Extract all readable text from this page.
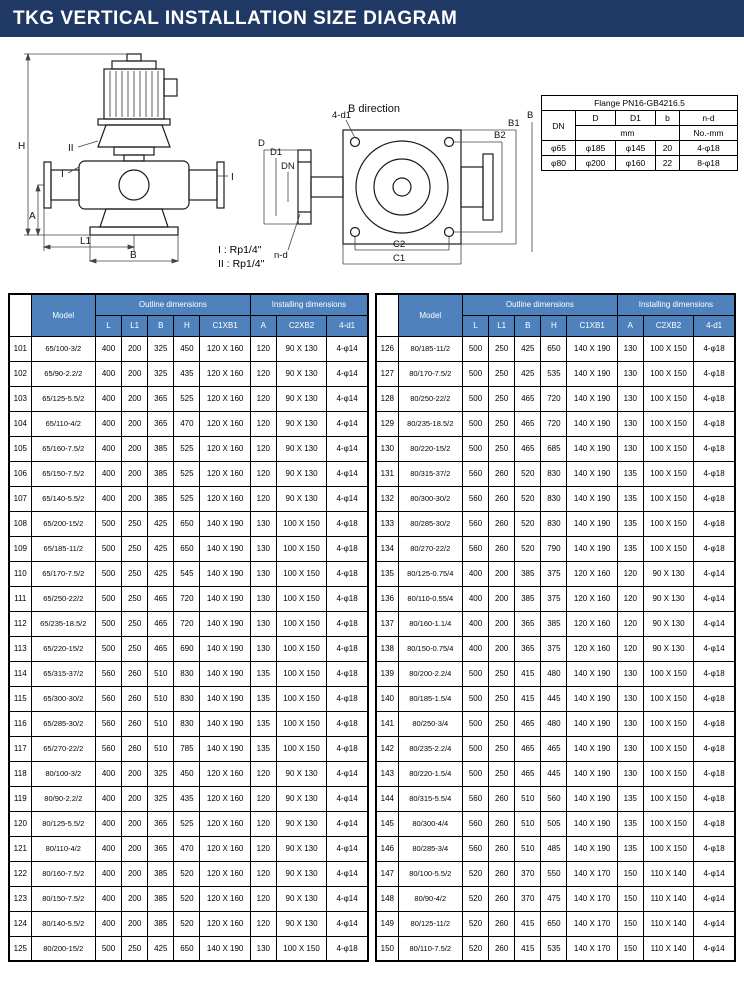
TKG VERTICAL INSTALLATION SIZE DIAGRAM
H
A
L1
B
II
I	I
B direction
4-d1
D
D1
DN
n-d
B2
B1
B
C2
C1
Flange PN16-GB4216.5				
DN	D	D1	b	n-d
	mm			No.-mm
φ65	φ185	φ145	20	4-φ18
φ80	φ200	φ160	22	8-φ18
I : Rp1/4"
II : Rp1/4"
	Model	Outline dimensions					Installing dimensions		
		L	L1	B	H	C1XB1	A	C2XB2	4-d1
101	65/100-3/2	400	200	325	450	120 X 160	120	90 X 130	4-φ14
102	65/90-2.2/2	400	200	325	435	120 X 160	120	90 X 130	4-φ14
103	65/125-5.5/2	400	200	365	525	120 X 160	120	90 X 130	4-φ14
104	65/110-4/2	400	200	365	470	120 X 160	120	90 X 130	4-φ14
105	65/160-7.5/2	400	200	385	525	120 X 160	120	90 X 130	4-φ14
106	65/150-7.5/2	400	200	385	525	120 X 160	120	90 X 130	4-φ14
107	65/140-5.5/2	400	200	385	525	120 X 160	120	90 X 130	4-φ14
108	65/200-15/2	500	250	425	650	140 X 190	130	100 X 150	4-φ18
109	65/185-11/2	500	250	425	650	140 X 190	130	100 X 150	4-φ18
110	65/170-7.5/2	500	250	425	545	140 X 190	130	100 X 150	4-φ18
111	65/250-22/2	500	250	465	720	140 X 190	130	100 X 150	4-φ18
112	65/235-18.5/2	500	250	465	720	140 X 190	130	100 X 150	4-φ18
113	65/220-15/2	500	250	465	690	140 X 190	130	100 X 150	4-φ18
114	65/315-37/2	560	260	510	830	140 X 190	135	100 X 150	4-φ18
115	65/300-30/2	560	260	510	830	140 X 190	135	100 X 150	4-φ18
116	65/285-30/2	560	260	510	830	140 X 190	135	100 X 150	4-φ18
117	65/270-22/2	560	260	510	785	140 X 190	135	100 X 150	4-φ18
118	80/100-3/2	400	200	325	450	120 X 160	120	90 X 130	4-φ14
119	80/90-2.2/2	400	200	325	435	120 X 160	120	90 X 130	4-φ14
120	80/125-5.5/2	400	200	365	525	120 X 160	120	90 X 130	4-φ14
121	80/110-4/2	400	200	365	470	120 X 160	120	90 X 130	4-φ14
122	80/160-7.5/2	400	200	385	520	120 X 160	120	90 X 130	4-φ14
123	80/150-7.5/2	400	200	385	520	120 X 160	120	90 X 130	4-φ14
124	80/140-5.5/2	400	200	385	520	120 X 160	120	90 X 130	4-φ14
125	80/200-15/2	500	250	425	650	140 X 190	130	100 X 150	4-φ18
	Model	Outline dimensions					Installing dimensions		
		L	L1	B	H	C1XB1	A	C2XB2	4-d1
126	80/185-11/2	500	250	425	650	140 X 190	130	100 X 150	4-φ18
127	80/170-7.5/2	500	250	425	535	140 X 190	130	100 X 150	4-φ18
128	80/250-22/2	500	250	465	720	140 X 190	130	100 X 150	4-φ18
129	80/235-18.5/2	500	250	465	720	140 X 190	130	100 X 150	4-φ18
130	80/220-15/2	500	250	465	685	140 X 190	130	100 X 150	4-φ18
131	80/315-37/2	560	260	520	830	140 X 190	135	100 X 150	4-φ18
132	80/300-30/2	560	260	520	830	140 X 190	135	100 X 150	4-φ18
133	80/285-30/2	560	260	520	830	140 X 190	135	100 X 150	4-φ18
134	80/270-22/2	560	260	520	790	140 X 190	135	100 X 150	4-φ18
135	80/125-0.75/4	400	200	385	375	120 X 160	120	90 X 130	4-φ14
136	80/110-0.55/4	400	200	385	375	120 X 160	120	90 X 130	4-φ14
137	80/160-1.1/4	400	200	365	385	120 X 160	120	90 X 130	4-φ14
138	80/150-0.75/4	400	200	365	375	120 X 160	120	90 X 130	4-φ14
139	80/200-2.2/4	500	250	415	480	140 X 190	130	100 X 150	4-φ18
140	80/185-1.5/4	500	250	415	445	140 X 190	130	100 X 150	4-φ18
141	80/250-3/4	500	250	465	480	140 X 190	130	100 X 150	4-φ18
142	80/235-2.2/4	500	250	465	465	140 X 190	130	100 X 150	4-φ18
143	80/220-1.5/4	500	250	465	445	140 X 190	130	100 X 150	4-φ18
144	80/315-5.5/4	560	260	510	560	140 X 190	135	100 X 150	4-φ18
145	80/300-4/4	560	260	510	505	140 X 190	135	100 X 150	4-φ18
146	80/285-3/4	560	260	510	485	140 X 190	135	100 X 150	4-φ18
147	80/100-5.5/2	520	260	370	550	140 X 170	150	110 X 140	4-φ14
148	80/90-4/2	520	260	370	475	140 X 170	150	110 X 140	4-φ14
149	80/125-11/2	520	260	415	650	140 X 170	150	110 X 140	4-φ14
150	80/110-7.5/2	520	260	415	535	140 X 170	150	110 X 140	4-φ14
